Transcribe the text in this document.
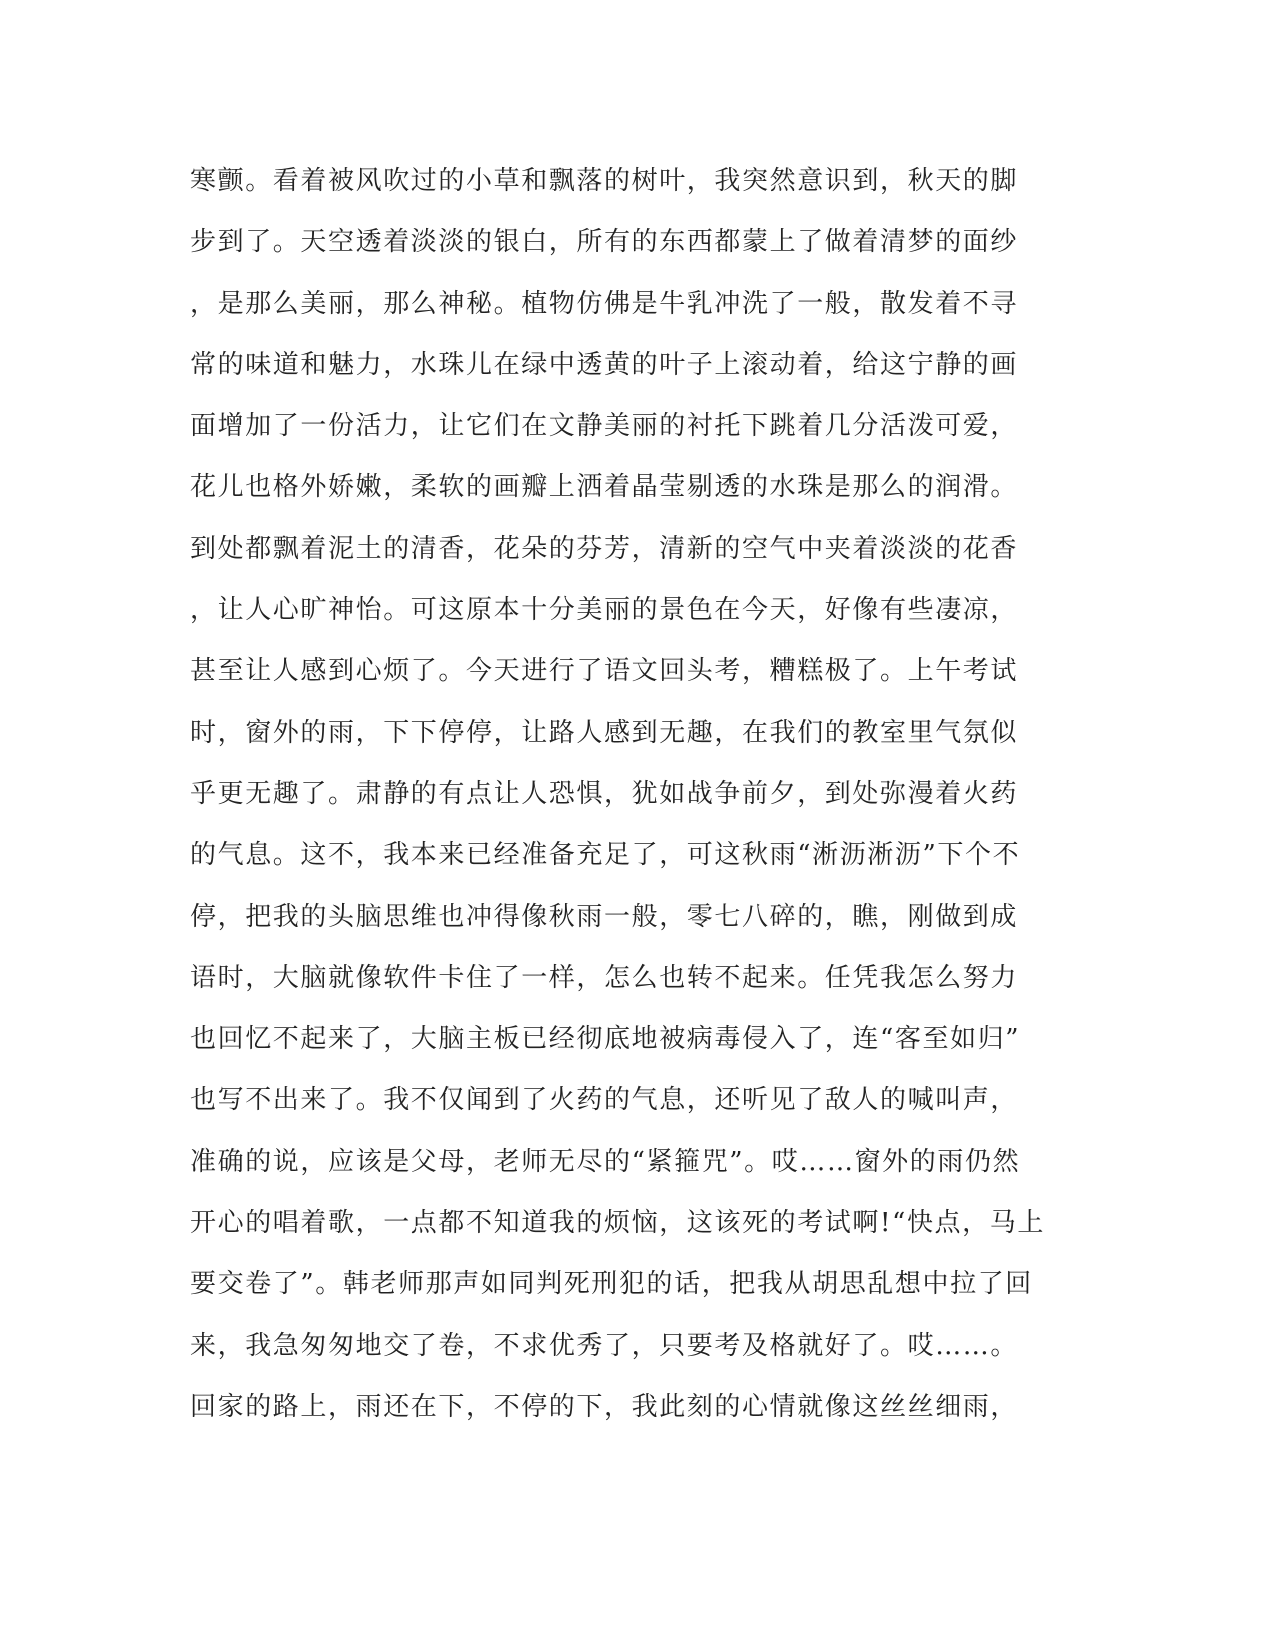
寒颤。看着被风吹过的小草和飘落的树叶，我突然意识到，秋天的脚
步到了。天空透着淡淡的银白，所有的东西都蒙上了做着清梦的面纱
，是那么美丽，那么神秘。植物仿佛是牛乳冲洗了一般，散发着不寻
常的味道和魅力，水珠儿在绿中透黄的叶子上滚动着，给这宁静的画
面增加了一份活力，让它们在文静美丽的衬托下跳着几分活泼可爱，
花儿也格外娇嫩，柔软的画瓣上洒着晶莹剔透的水珠是那么的润滑。
到处都飘着泥土的清香，花朵的芬芳，清新的空气中夹着淡淡的花香
，让人心旷神怡。可这原本十分美丽的景色在今天，好像有些凄凉，
甚至让人感到心烦了。今天进行了语文回头考，糟糕极了。上午考试
时，窗外的雨，下下停停，让路人感到无趣，在我们的教室里气氛似
乎更无趣了。肃静的有点让人恐惧，犹如战争前夕，到处弥漫着火药
的气息。这不，我本来已经准备充足了，可这秋雨“淅沥淅沥”下个不
停，把我的头脑思维也冲得像秋雨一般，零七八碎的，瞧，刚做到成
语时，大脑就像软件卡住了一样，怎么也转不起来。任凭我怎么努力
也回忆不起来了，大脑主板已经彻底地被病毒侵入了，连“客至如归”
也写不出来了。我不仅闻到了火药的气息，还听见了敌人的喊叫声，
准确的说，应该是父母，老师无尽的“紧箍咒”。哎……窗外的雨仍然
开心的唱着歌，一点都不知道我的烦恼，这该死的考试啊!“快点，马上
要交卷了”。韩老师那声如同判死刑犯的话，把我从胡思乱想中拉了回
来，我急匆匆地交了卷，不求优秀了，只要考及格就好了。哎……。
回家的路上，雨还在下，不停的下，我此刻的心情就像这丝丝细雨，
